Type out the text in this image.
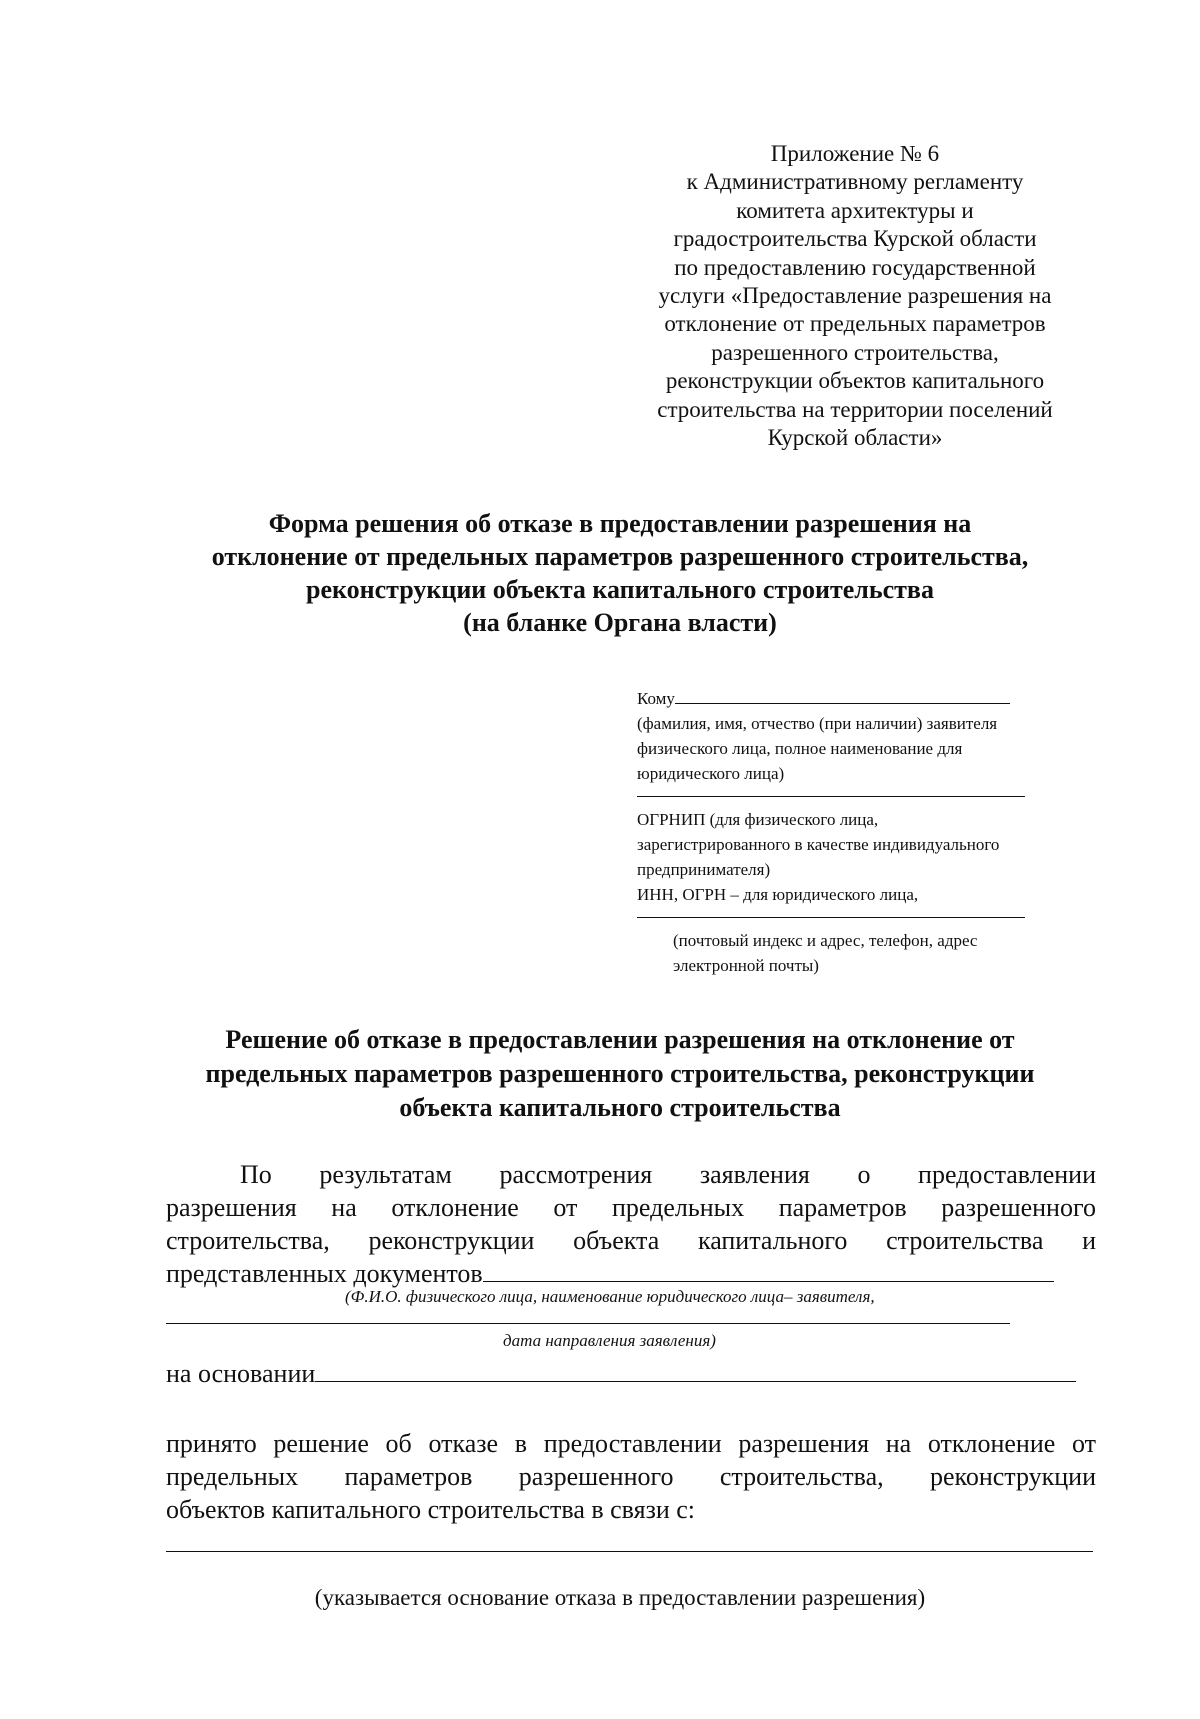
Приложение № 6
к Административному регламенту
комитета архитектуры и
градостроительства Курской области
по предоставлению государственной
услуги «Предоставление разрешения на
отклонение от предельных параметров
разрешенного строительства,
реконструкции объектов капитального
строительства на территории поселений
Курской области»
Форма решения об отказе в предоставлении разрешения на
отклонение от предельных параметров разрешенного строительства,
реконструкции объекта капитального строительства
(на бланке Органа власти)
Кому
(фамилия, имя, отчество (при наличии) заявителя
физического лица, полное наименование для
юридического лица)
ОГРНИП (для физического лица,
зарегистрированного в качестве индивидуального
предпринимателя)
ИНН, ОГРН – для юридического лица,
(почтовый индекс и адрес, телефон, адрес
электронной почты)
Решение об отказе в предоставлении разрешения на отклонение от
предельных параметров разрешенного строительства, реконструкции
объекта капитального строительства
По результатам рассмотрения заявления о предоставлении
разрешения на отклонение от предельных параметров разрешенного
строительства, реконструкции объекта капитального строительства и
представленных документов
(Ф.И.О. физического лица, наименование юридического лица– заявителя,
дата направления заявления)
на основании
принято решение об отказе в предоставлении разрешения на отклонение от
предельных параметров разрешенного строительства, реконструкции
объектов капитального строительства в связи с:
(указывается основание отказа в предоставлении разрешения)
